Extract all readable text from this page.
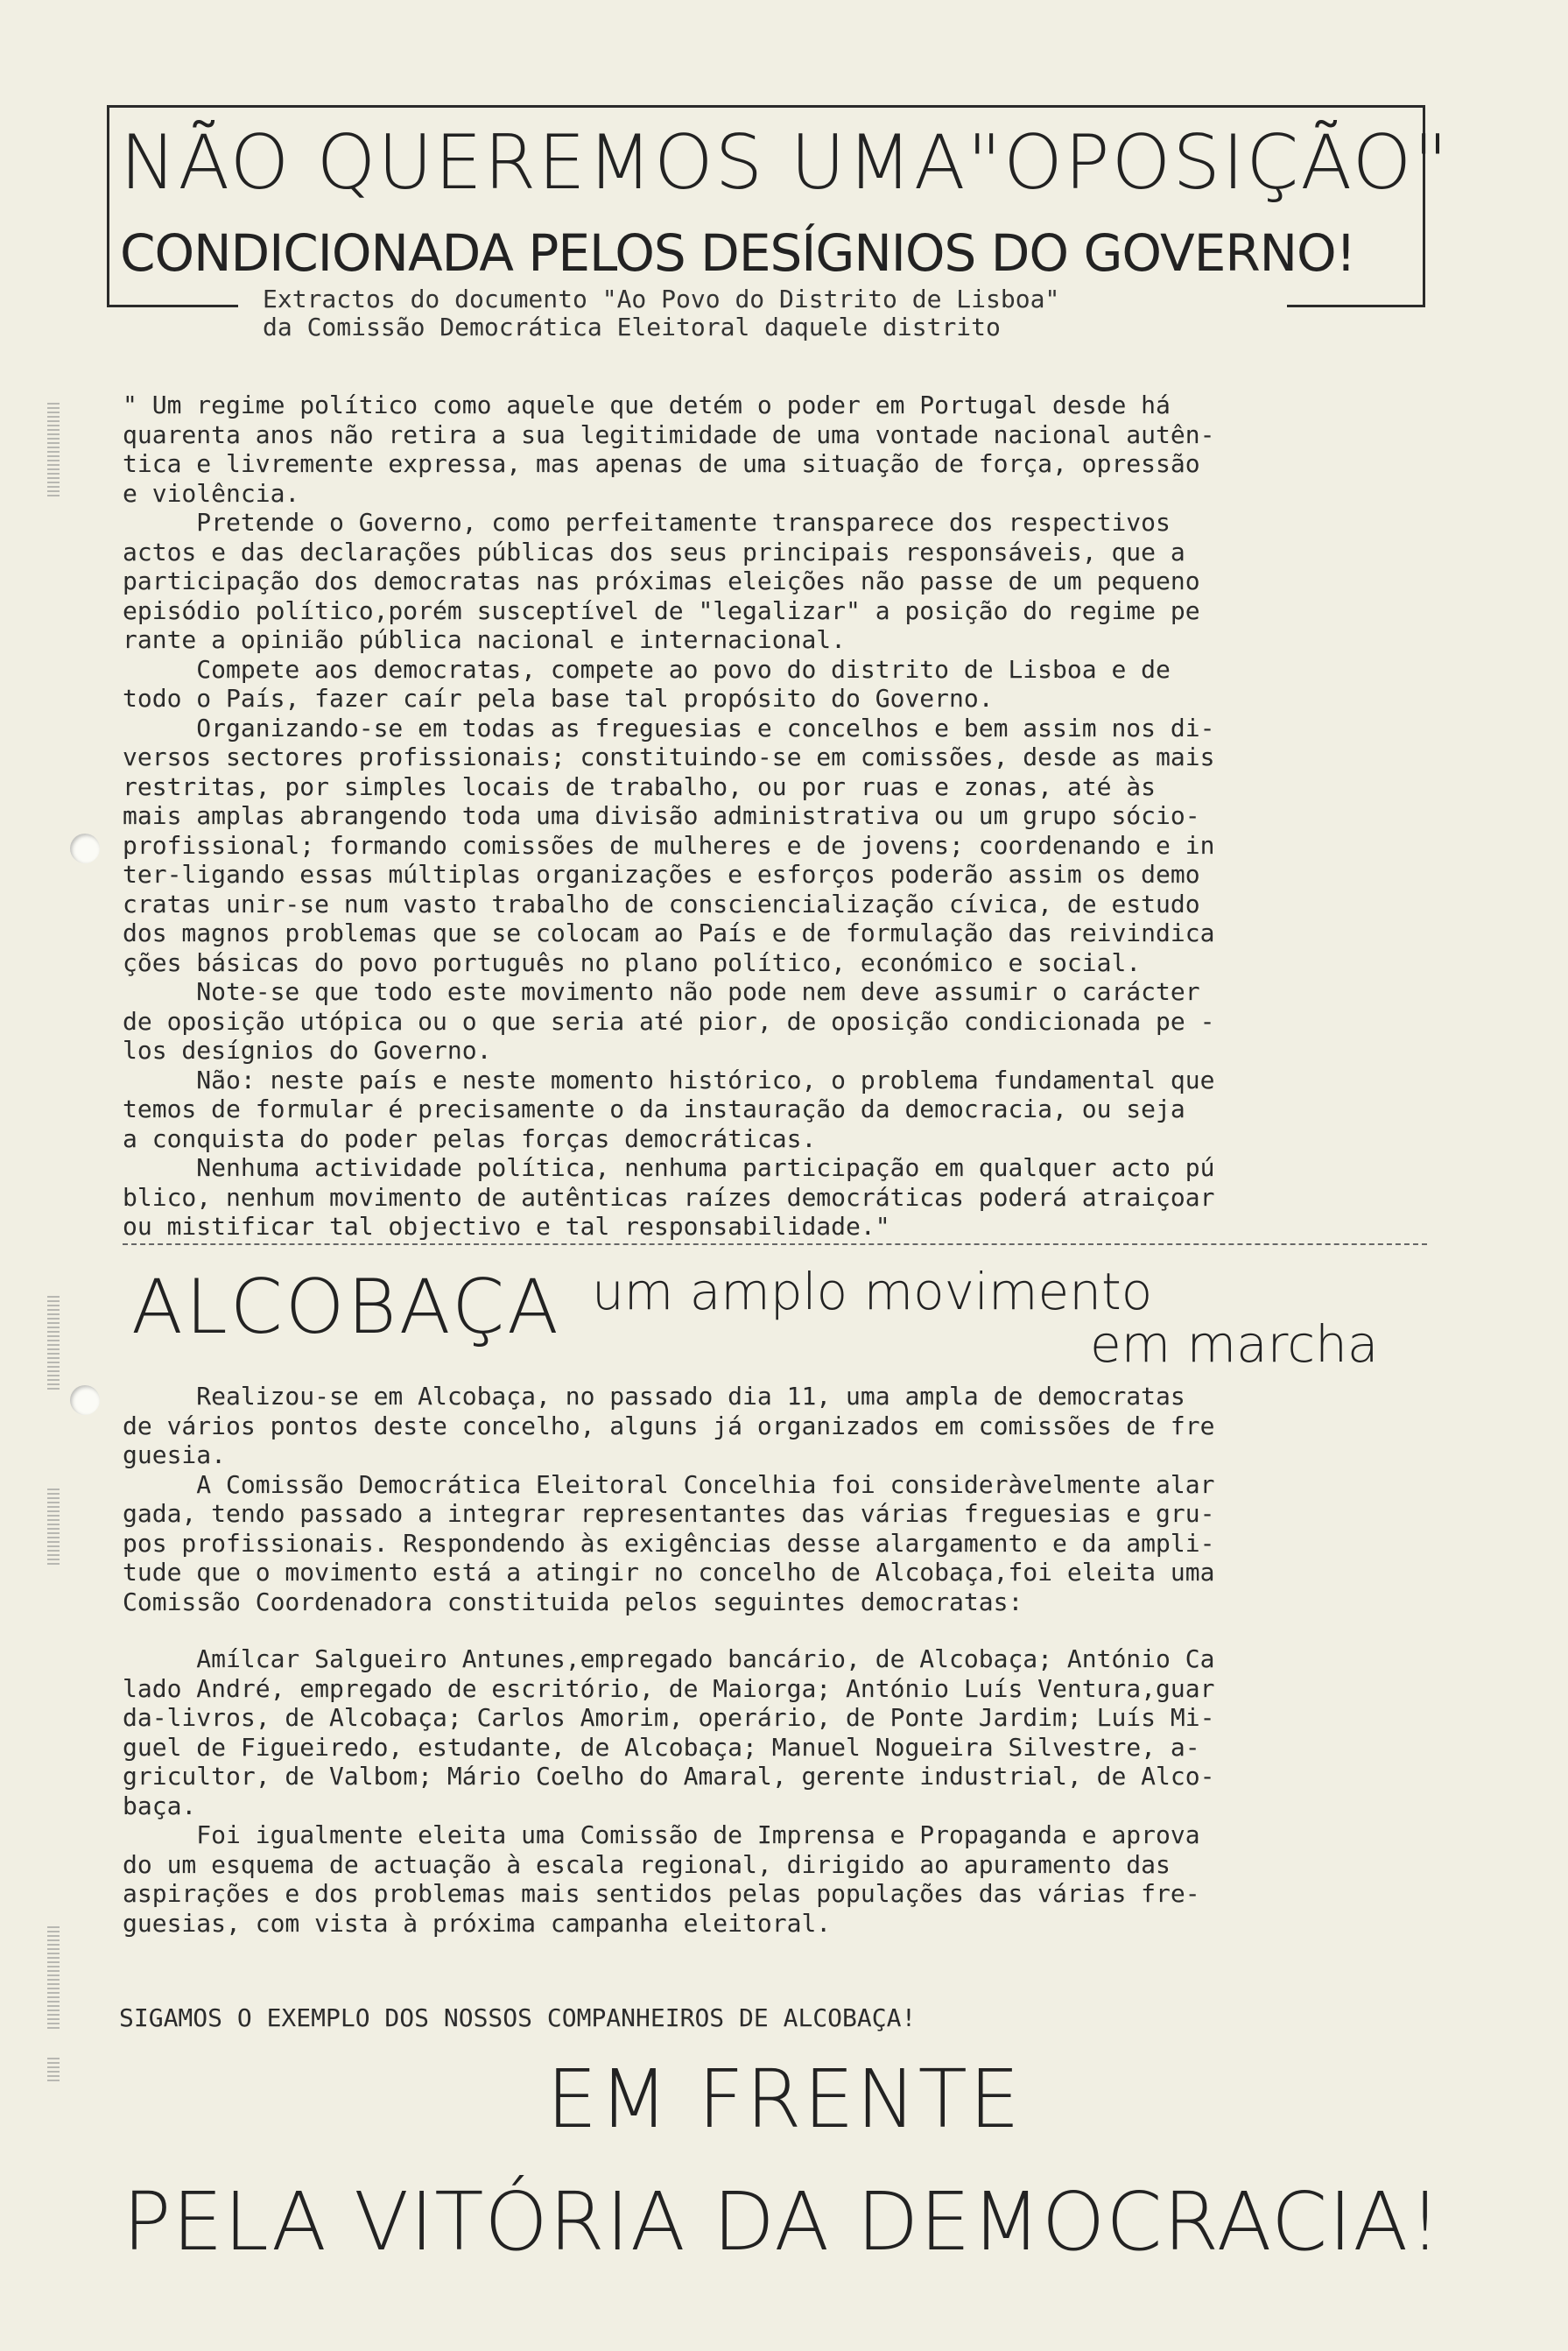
NÃO QUEREMOS UMA"OPOSIÇÃO"
CONDICIONADA PELOS DESÍGNIOS DO GOVERNO!

Extractos do documento "Ao Povo do Distrito de Lisboa"
da Comissão Democrática Eleitoral daquele distrito

" Um regime político como aquele que detém o poder em Portugal desde há
quarenta anos não retira a sua legitimidade de uma vontade nacional autên-
tica e livremente expressa, mas apenas de uma situação de força, opressão
e violência.
Pretende o Governo, como perfeitamente transparece dos respectivos
actos e das declarações públicas dos seus principais responsáveis, que a
participação dos democratas nas próximas eleições não passe de um pequeno
episódio político,porém susceptível de "legalizar" a posição do regime pe
rante a opinião pública nacional e internacional.
Compete aos democratas, compete ao povo do distrito de Lisboa e de
todo o País, fazer caír pela base tal propósito do Governo.
Organizando-se em todas as freguesias e concelhos e bem assim nos di-
versos sectores profissionais; constituindo-se em comissões, desde as mais
restritas, por simples locais de trabalho, ou por ruas e zonas, até às
mais amplas abrangendo toda uma divisão administrativa ou um grupo sócio-
profissional; formando comissões de mulheres e de jovens; coordenando e in
ter-ligando essas múltiplas organizações e esforços poderão assim os demo
cratas unir-se num vasto trabalho de consciencialização cívica, de estudo
dos magnos problemas que se colocam ao País e de formulação das reivindica
ções básicas do povo português no plano político, económico e social.
Note-se que todo este movimento não pode nem deve assumir o carácter
de oposição utópica ou o que seria até pior, de oposição condicionada pe -
los desígnios do Governo.
Não: neste país e neste momento histórico, o problema fundamental que
temos de formular é precisamente o da instauração da democracia, ou seja
a conquista do poder pelas forças democráticas.
Nenhuma actividade política, nenhuma participação em qualquer acto pú
blico, nenhum movimento de autênticas raízes democráticas poderá atraiçoar
ou mistificar tal objectivo e tal responsabilidade."

ALCOBAÇA um amplo movimento

em marcha

Realizou-se em Alcobaça, no passado dia 11, uma ampla de democratas
de vários pontos deste concelho, alguns já organizados em comissões de fre
guesia.
A Comissão Democrática Eleitoral Concelhia foi consideràvelmente alar
gada, tendo passado a integrar representantes das várias freguesias e gru-
pos profissionais. Respondendo às exigências desse alargamento e da ampli-
tude que o movimento está a atingir no concelho de Alcobaça,foi eleita uma
Comissão Coordenadora constituida pelos seguintes democratas:

Amílcar Salgueiro Antunes,empregado bancário, de Alcobaça; António Ca
lado André, empregado de escritório, de Maiorga; António Luís Ventura,guar
da-livros, de Alcobaça; Carlos Amorim, operário, de Ponte Jardim; Luís Mi-
guel de Figueiredo, estudante, de Alcobaça; Manuel Nogueira Silvestre, a-
gricultor, de Valbom; Mário Coelho do Amaral, gerente industrial, de Alco-
baça.
Foi igualmente eleita uma Comissão de Imprensa e Propaganda e aprova
do um esquema de actuação à escala regional, dirigido ao apuramento das
aspirações e dos problemas mais sentidos pelas populações das várias fre-
guesias, com vista à próxima campanha eleitoral.

SIGAMOS O EXEMPLO DOS NOSSOS COMPANHEIROS DE ALCOBAÇA!

EM FRENTE
PELA VITÓRIA DA DEMOCRACIA!
